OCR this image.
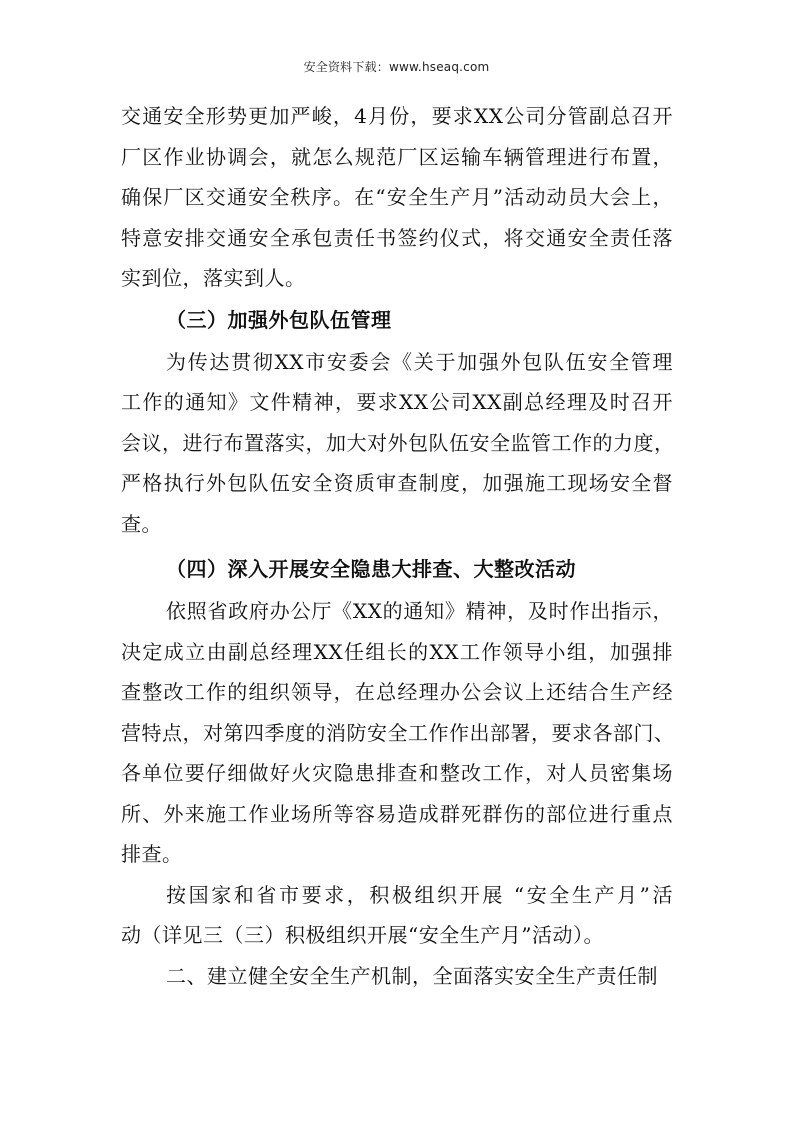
安全资料下载：www.hseaq.com
交通安全形势更加严峻，4月份，要求XX公司分管副总召开
厂区作业协调会，就怎么规范厂区运输车辆管理进行布置，
确保厂区交通安全秩序。在“安全生产月”活动动员大会上，
特意安排交通安全承包责任书签约仪式，将交通安全责任落
实到位，落实到人。
（三）加强外包队伍管理
为传达贯彻XX市安委会《关于加强外包队伍安全管理
工作的通知》文件精神，要求XX公司XX副总经理及时召开
会议，进行布置落实，加大对外包队伍安全监管工作的力度，
严格执行外包队伍安全资质审查制度，加强施工现场安全督
查。
（四）深入开展安全隐患大排查、大整改活动
依照省政府办公厅《XX的通知》精神，及时作出指示，
决定成立由副总经理XX任组长的XX工作领导小组，加强排
查整改工作的组织领导，在总经理办公会议上还结合生产经
营特点，对第四季度的消防安全工作作出部署，要求各部门、
各单位要仔细做好火灾隐患排查和整改工作，对人员密集场
所、外来施工作业场所等容易造成群死群伤的部位进行重点
排查。
按国家和省市要求，积极组织开展 “安全生产月”活
动（详见三（三）积极组织开展“安全生产月”活动）。
二、建立健全安全生产机制，全面落实安全生产责任制
